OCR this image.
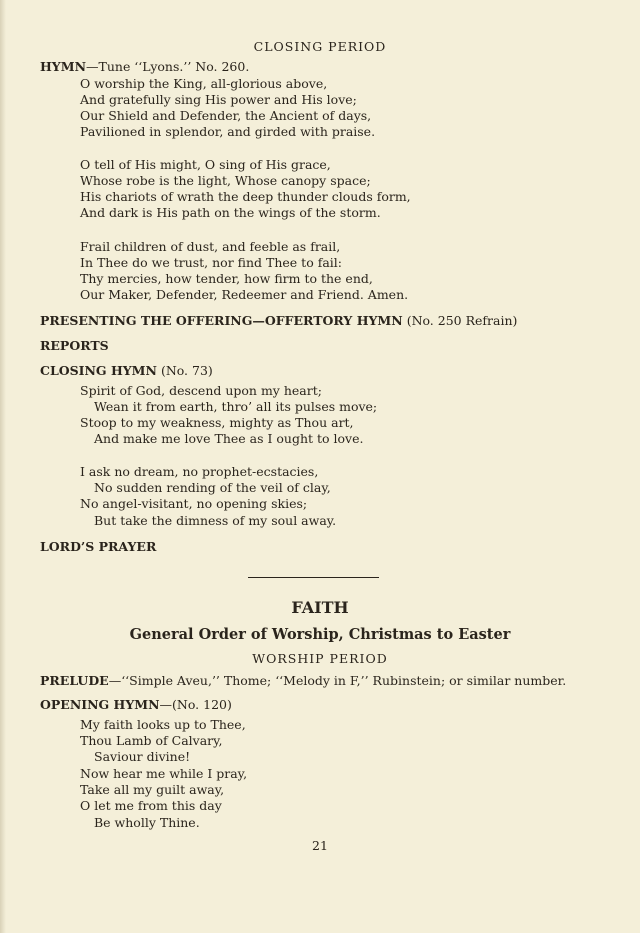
CLOSING PERIOD
HYMN—Tune ‘‘Lyons.’’ No. 260.
O worship the King, all-glorious above,
And gratefully sing His power and His love;
Our Shield and Defender, the Ancient of days,
Pavilioned in splendor, and girded with praise.
O tell of His might, O sing of His grace,
Whose robe is the light, Whose canopy space;
His chariots of wrath the deep thunder clouds form,
And dark is His path on the wings of the storm.
Frail children of dust, and feeble as frail,
In Thee do we trust, nor find Thee to fail:
Thy mercies, how tender, how firm to the end,
Our Maker, Defender, Redeemer and Friend. Amen.
PRESENTING THE OFFERING—OFFERTORY HYMN (No. 250 Refrain)
REPORTS
CLOSING HYMN (No. 73)
Spirit of God, descend upon my heart;
Wean it from earth, thro’ all its pulses move;
Stoop to my weakness, mighty as Thou art,
And make me love Thee as I ought to love.
I ask no dream, no prophet-ecstacies,
No sudden rending of the veil of clay,
No angel-visitant, no opening skies;
But take the dimness of my soul away.
LORD’S PRAYER
FAITH
General Order of Worship, Christmas to Easter
WORSHIP PERIOD
PRELUDE—‘‘Simple Aveu,’’ Thome; ‘‘Melody in F,’’ Rubinstein; or similar number.
OPENING HYMN—(No. 120)
My faith looks up to Thee,
Thou Lamb of Calvary,
Saviour divine!
Now hear me while I pray,
Take all my guilt away,
O let me from this day
Be wholly Thine.
21
